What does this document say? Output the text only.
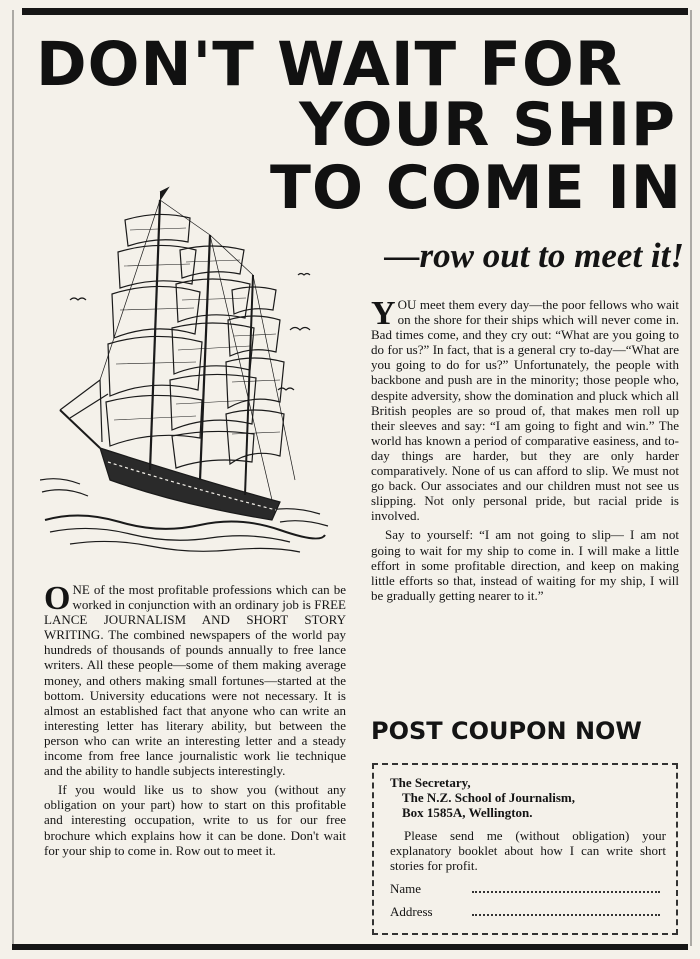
DON'T WAIT FOR
YOUR SHIP
TO COME IN
—row out to meet it!

ONE of the most profitable professions which can be worked in conjunction with an ordinary job is FREE LANCE JOURNALISM AND SHORT STORY WRITING. The combined newspapers of the world pay hundreds of thousands of pounds annually to free lance writers. All these people—some of them making average money, and others making small fortunes—started at the bottom. University educations were not necessary. It is almost an established fact that anyone who can write an interesting letter has literary ability, but between the person who can write an interesting letter and a steady income from free lance journalistic work lie technique and the ability to handle subjects interestingly.

If you would like us to show you (without any obligation on your part) how to start on this profitable and interesting occupation, write to us for our free brochure which explains how it can be done. Don't wait for your ship to come in. Row out to meet it.

YOU meet them every day—the poor fellows who wait on the shore for their ships which will never come in. Bad times come, and they cry out: “What are you going to do for us?” In fact, that is a general cry to-day—“What are you going to do for us?” Unfortunately, the people with backbone and push are in the minority; those people who, despite adversity, show the domination and pluck which all British peoples are so proud of, that makes men roll up their sleeves and say: “I am going to fight and win.” The world has known a period of comparative easiness, and to-day things are harder, but they are only harder comparatively. None of us can afford to slip. We must not go back. Our associates and our children must not see us slipping. Not only personal pride, but racial pride is involved.

Say to yourself: “I am not going to slip— I am not going to wait for my ship to come in. I will make a little effort in some profitable direction, and keep on making little efforts so that, instead of waiting for my ship, I will be gradually getting nearer to it.”

POST COUPON NOW
The Secretary,
The N.Z. School of Journalism,
Box 1585A, Wellington.

Please send me (without obligation) your explanatory booklet about how I can write short stories for profit.

Name
Address
